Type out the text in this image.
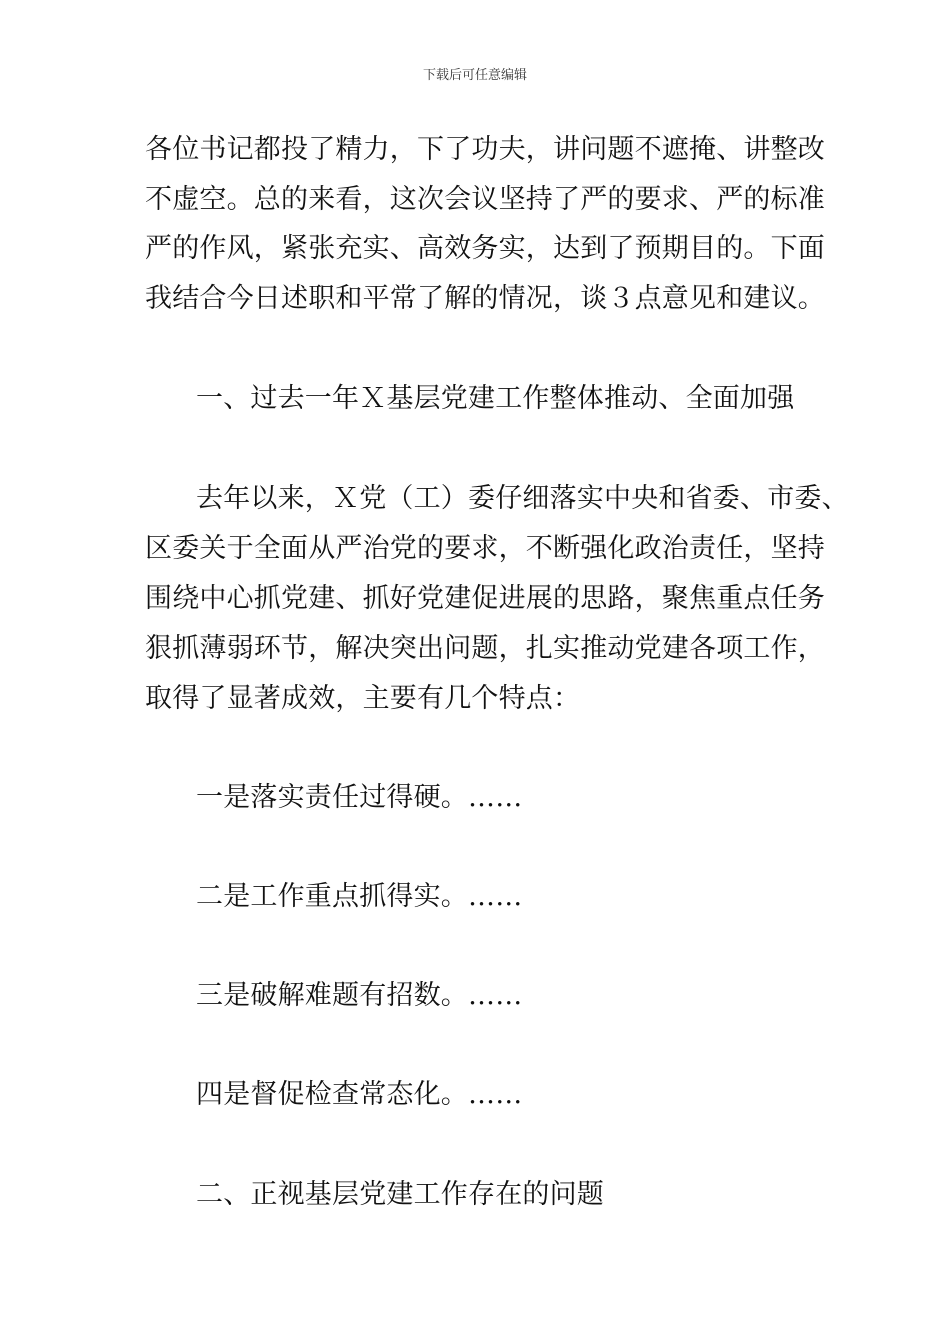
下载后可任意编辑
各位书记都投了精力，下了功夫，讲问题不遮掩、讲整改
不虚空。总的来看，这次会议坚持了严的要求、严的标准
严的作风，紧张充实、高效务实，达到了预期目的。下面
我结合今日述职和平常了解的情况，谈３点意见和建议。
一、过去一年Ｘ基层党建工作整体推动、全面加强
去年以来，Ｘ党（工）委仔细落实中央和省委、市委、
区委关于全面从严治党的要求，不断强化政治责任，坚持
围绕中心抓党建、抓好党建促进展的思路，聚焦重点任务
狠抓薄弱环节，解决突出问题，扎实推动党建各项工作，
取得了显著成效，主要有几个特点：
一是落实责任过得硬。……
二是工作重点抓得实。……
三是破解难题有招数。……
四是督促检查常态化。……
二、正视基层党建工作存在的问题
